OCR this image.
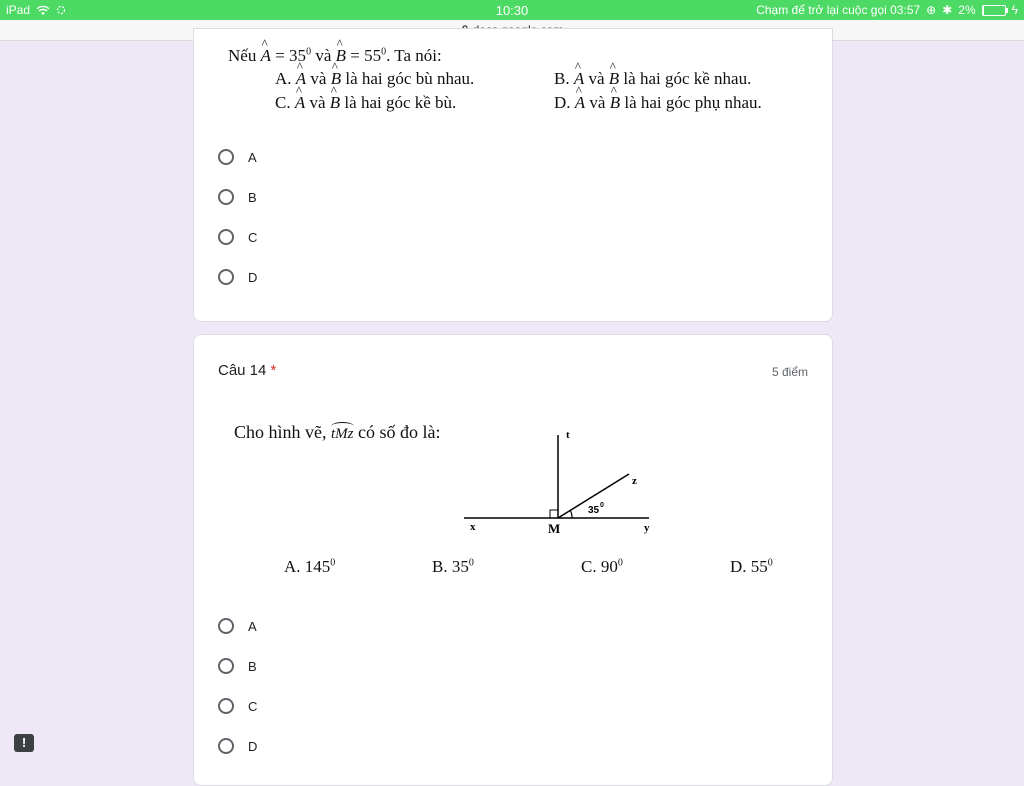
iPad	10:30	Chạm để trở lại cuộc gọi 03:57 ⊕ ✱ 2%	ϟ
Nếu ^ $A = 35^0$ và ^ $B = 55^0$. Ta nói:
A. ^ A và ^ B là hai góc bù nhau.	B. ^ A và ^ B là hai góc kề nhau.
C. ^ A và ^ B là hai góc kề bù.	D. ^ A và ^ B là hai góc phụ nhau.
A
B
C
D
Câu 14 *	5 điểm
Cho hình vẽ, tMz có số đo là:	t
z
x	y
M
35 0
A. $145^0$	B. $35^0$	C. $90^0$	D. $55^0$
A
B
C
D
!
